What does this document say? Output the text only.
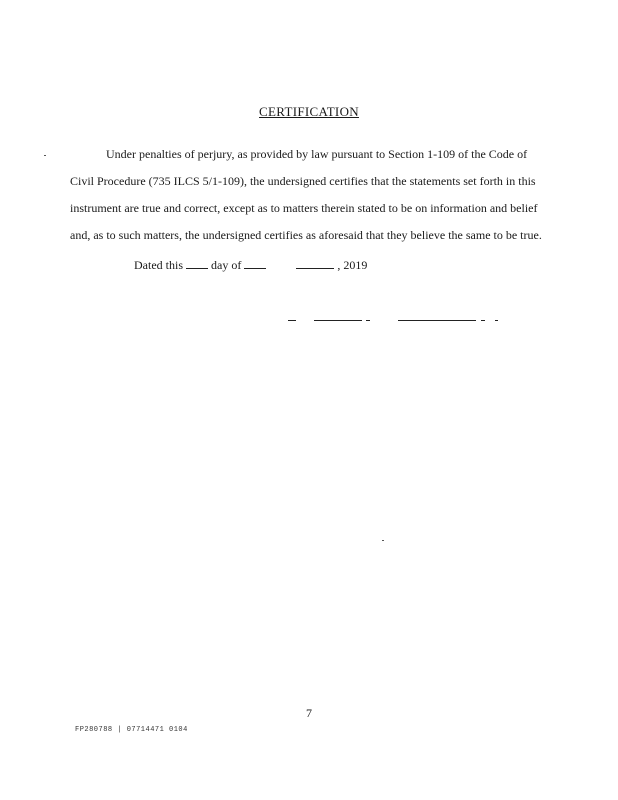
CERTIFICATION
Under penalties of perjury, as provided by law pursuant to Section 1-109 of the Code of
Civil Procedure (735 ILCS 5/1-109), the undersigned certifies that the statements set forth in this
instrument are true and correct, except as to matters therein stated to be on information and belief
and, as to such matters, the undersigned certifies as aforesaid that they believe the same to be true.
Dated this day of	, 2019
7
FP280788 | 07714471 0104
